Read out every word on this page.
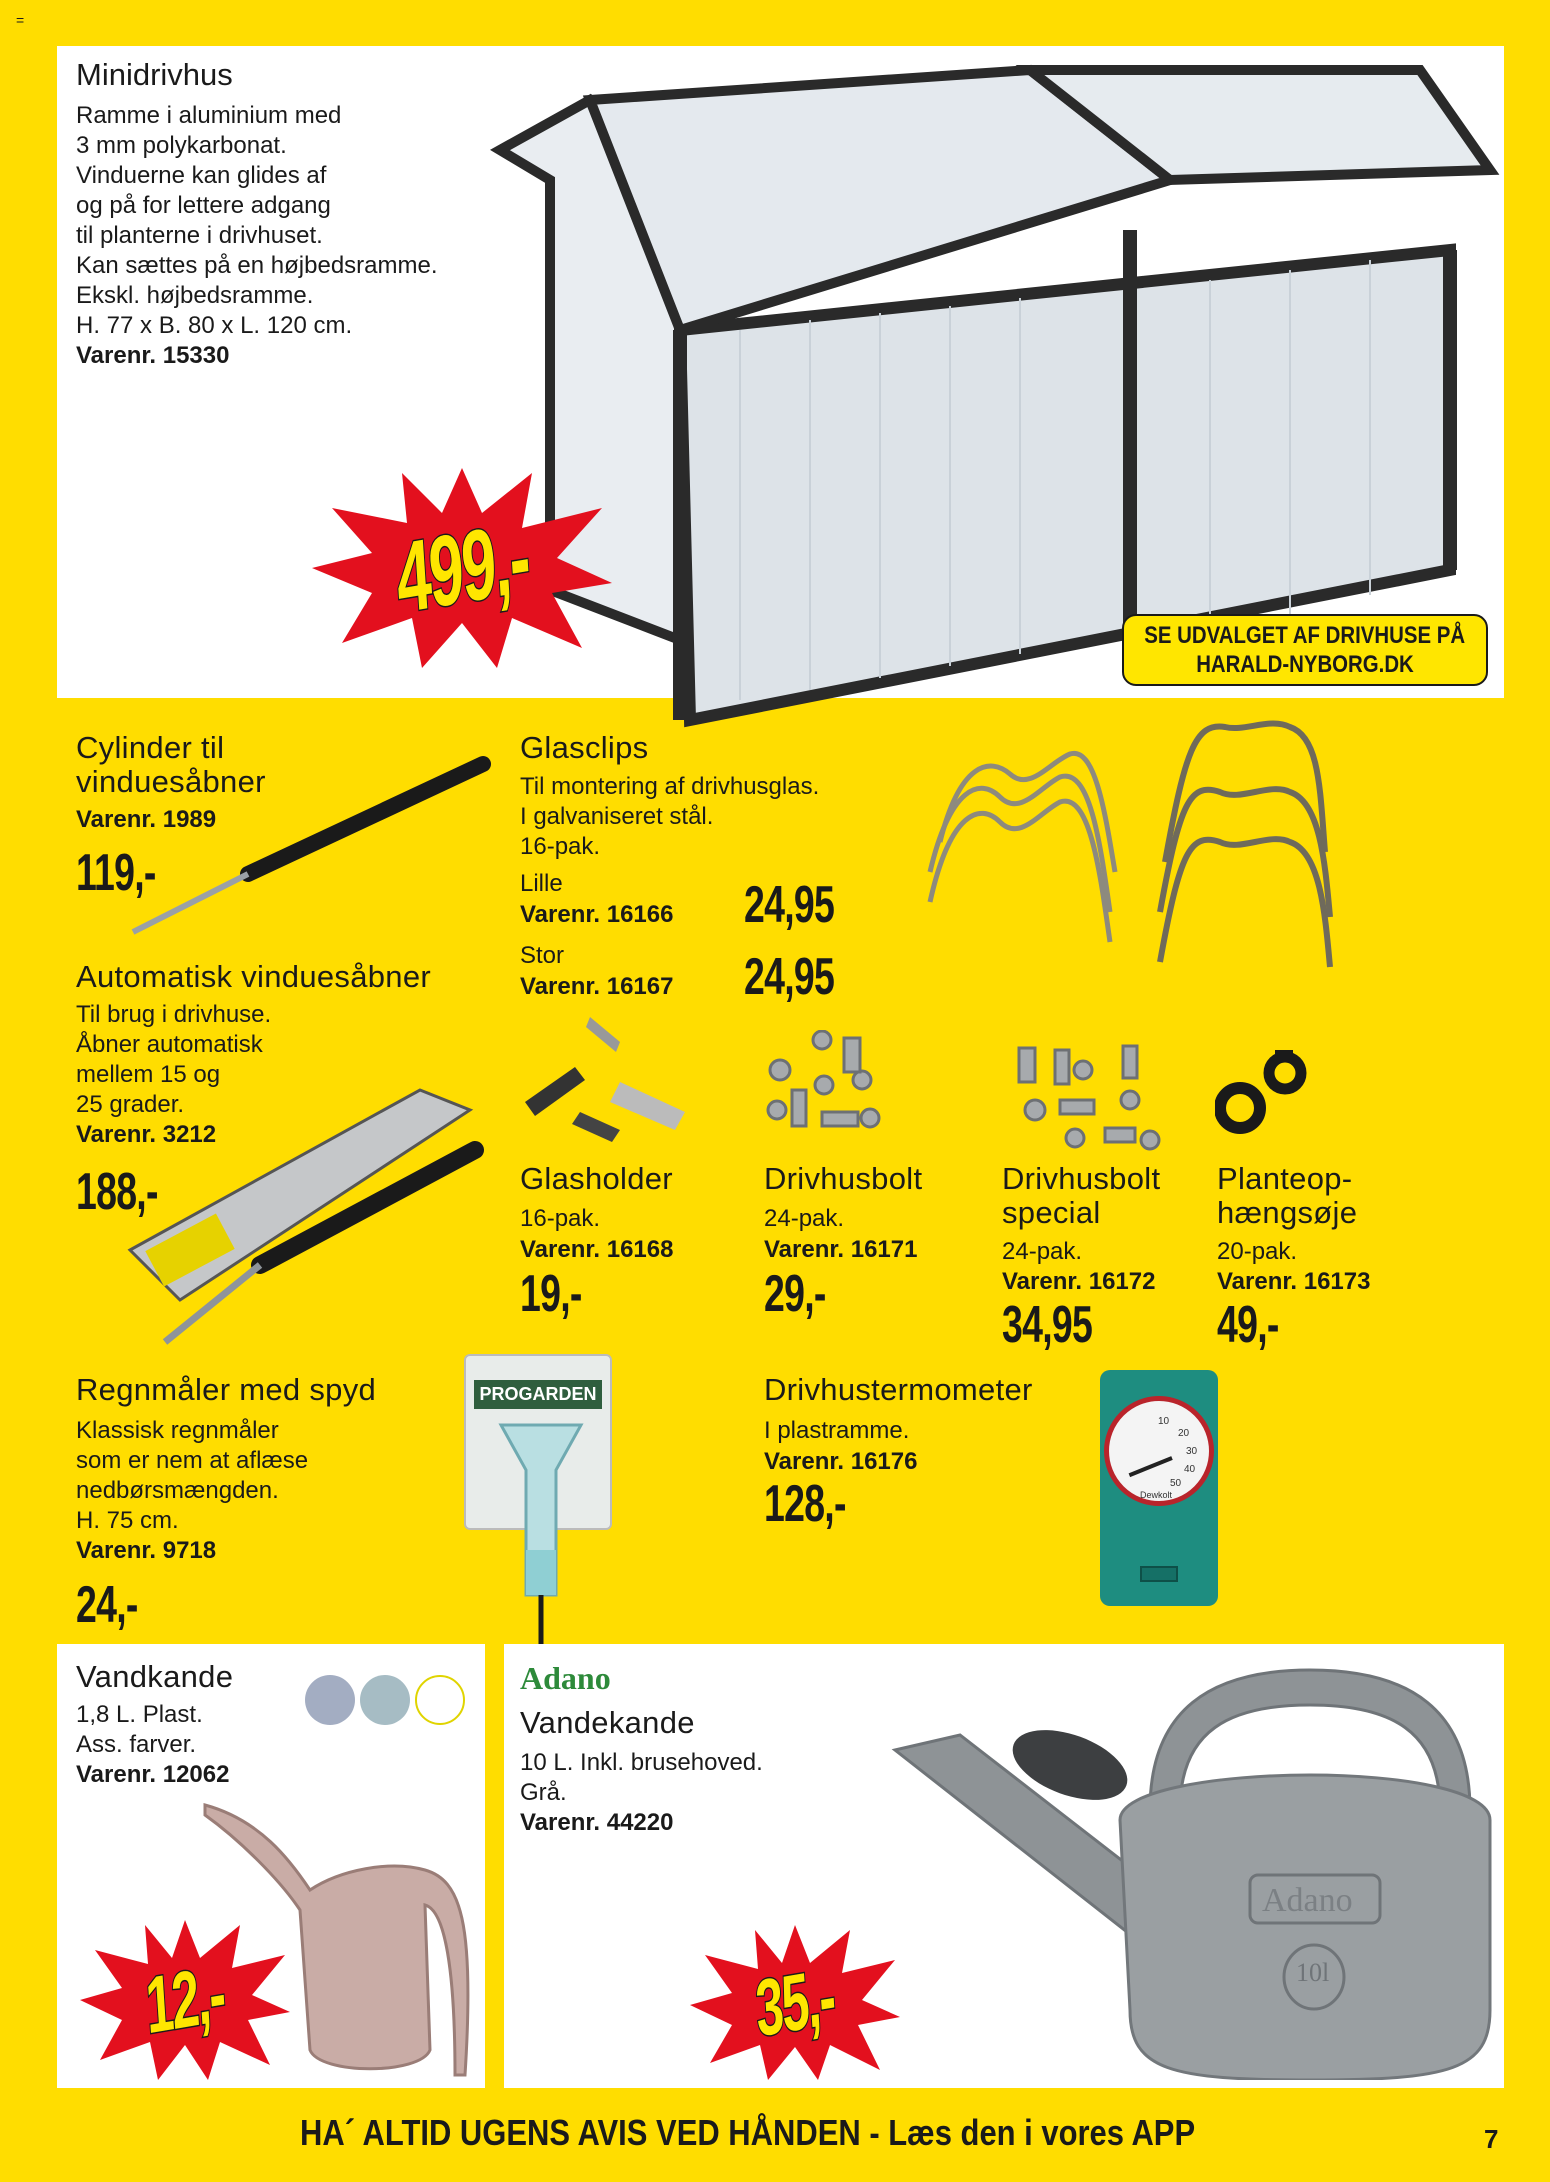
=
Minidrivhus
Ramme i aluminium med
3 mm polykarbonat.
Vinduerne kan glides af
og på for lettere adgang
til planterne i drivhuset.
Kan sættes på en højbedsramme.
Ekskl. højbedsramme.
H. 77 x B. 80 x L. 120 cm.
Varenr. 15330
499,-
SE UDVALGET AF DRIVHUSE PÅ
HARALD-NYBORG.DK
Cylinder til
vinduesåbner
Varenr. 1989
119,-
Glasclips
Til montering af drivhusglas.
I galvaniseret stål.
16-pak.
Lille
Varenr. 16166 24,95
Stor
Varenr. 16167 24,95
Automatisk vinduesåbner
Til brug i drivhuse.
Åbner automatisk
mellem 15 og
25 grader.
Varenr. 3212
188,-	Glasholder
16-pak.
Varenr. 16168
19,-
Drivhusbolt
24-pak.
Varenr. 16171
29,-
Drivhusbolt
special
24-pak.
Varenr. 16172
34,95
Planteop-
hængsøje
20-pak.
Varenr. 16173
49,-
Regnmåler med spyd
Klassisk regnmåler
som er nem at aflæse
nedbørsmængden.
H. 75 cm.
Varenr. 9718
24,-
PROGARDEN	Drivhustermometer
I plastramme.
Varenr. 16176
128,-
10
20
30
40
50
Dewkolt
Vandkande
1,8 L. Plast.
Ass. farver.
Varenr. 12062
12,-
Adano
Vandekande
10 L. Inkl. brusehoved.
Grå.
Varenr. 44220
Adano
10l
35,-
HA´ ALTID UGENS AVIS VED HÅNDEN - Læs den i vores APP	7
